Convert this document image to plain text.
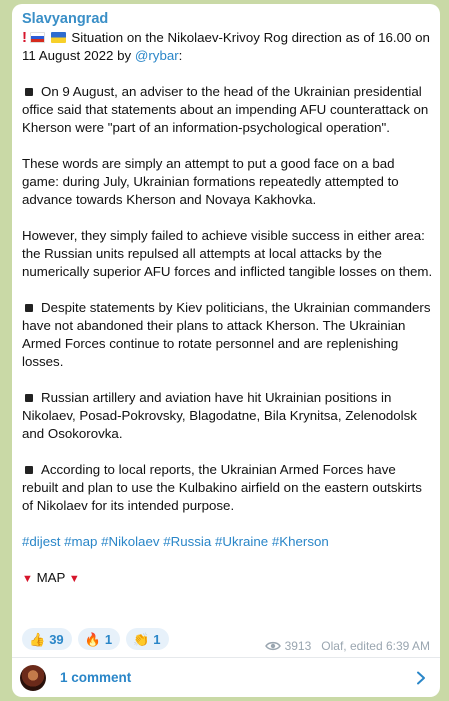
Slavyangrad

!	Situation on the Nikolaev-Krivoy Rog direction as of 16.00 on 11 August 2022 by @rybar:

On 9 August, an adviser to the head of the Ukrainian presidential office said that statements about an impending AFU counterattack on Kherson were "part of an information-psychological operation".

These words are simply an attempt to put a good face on a bad game: during July, Ukrainian formations repeatedly attempted to advance towards Kherson and Novaya Kakhovka.

However, they simply failed to achieve visible success in either area: the Russian units repulsed all attempts at local attacks by the numerically superior AFU forces and inflicted tangible losses on them.

Despite statements by Kiev politicians, the Ukrainian commanders have not abandoned their plans to attack Kherson. The Ukrainian Armed Forces continue to rotate personnel and are replenishing losses.

Russian artillery and aviation have hit Ukrainian positions in Nikolaev, Posad-Pokrovsky, Blagodatne, Bila Krynitsa, Zelenodolsk and Osokorovka.

According to local reports, the Ukrainian Armed Forces have rebuilt and plan to use the Kulbakino airfield on the eastern outskirts of Nikolaev for its intended purpose.

#dijest #map #Nikolaev #Russia #Ukraine #Kherson

▼ MAP ▼

👍 39 🔥 1 👏 1	3913 Olaf, edited 6:39 AM
1 comment
